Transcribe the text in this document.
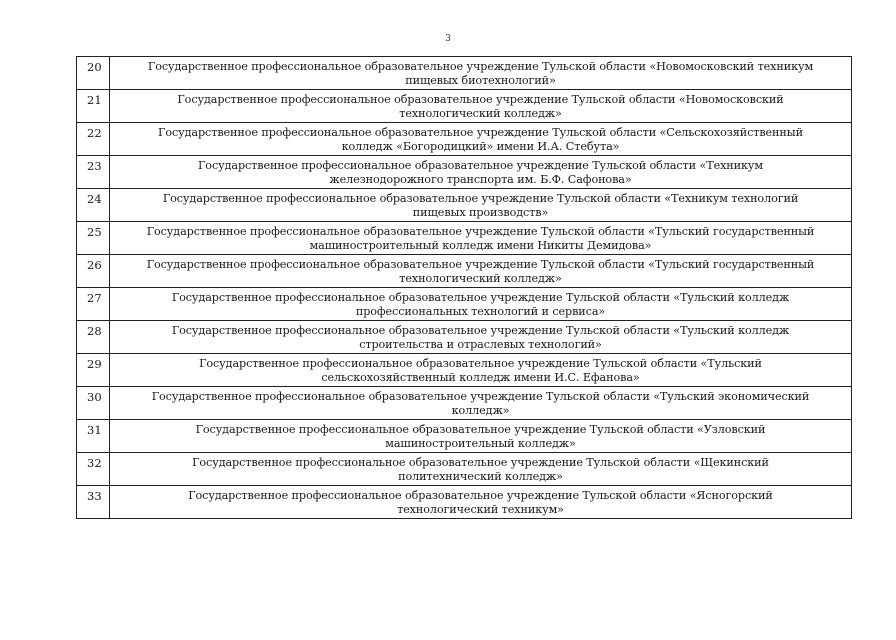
3
20	Государственное профессиональное образовательное учреждение Тульской области «Новомосковский техникум
пищевых биотехнологий»

21	Государственное профессиональное образовательное учреждение Тульской области «Новомосковский
технологический колледж»

22	Государственное профессиональное образовательное учреждение Тульской области «Сельскохозяйственный
колледж «Богородицкий» имени И.А. Стебута»

23	Государственное профессиональное образовательное учреждение Тульской области «Техникум
железнодорожного транспорта им. Б.Ф. Сафонова»

24	Государственное профессиональное образовательное учреждение Тульской области «Техникум технологий
пищевых производств»

25	Государственное профессиональное образовательное учреждение Тульской области «Тульский государственный
машиностроительный колледж имени Никиты Демидова»

26	Государственное профессиональное образовательное учреждение Тульской области «Тульский государственный
технологический колледж»

27	Государственное профессиональное образовательное учреждение Тульской области «Тульский колледж
профессиональных технологий и сервиса»

28	Государственное профессиональное образовательное учреждение Тульской области «Тульский колледж
строительства и отраслевых технологий»

29	Государственное профессиональное образовательное учреждение Тульской области «Тульский
сельскохозяйственный колледж имени И.С. Ефанова»

30	Государственное профессиональное образовательное учреждение Тульской области «Тульский экономический
колледж»

31	Государственное профессиональное образовательное учреждение Тульской области «Узловский
машиностроительный колледж»

32	Государственное профессиональное образовательное учреждение Тульской области «Щекинский
политехнический колледж»

33	Государственное профессиональное образовательное учреждение Тульской области «Ясногорский
технологический техникум»
